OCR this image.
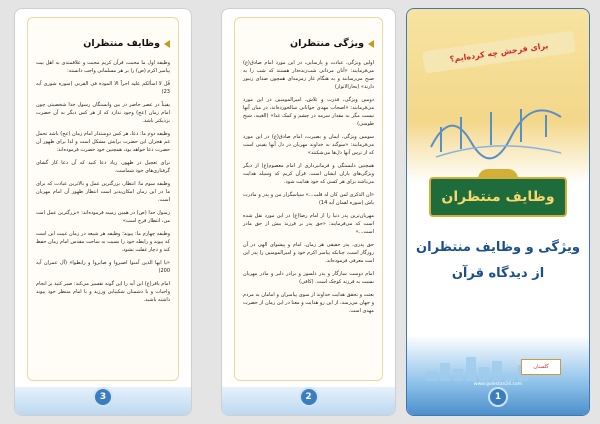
وظایف منتظران

وظیفه اول ما محبت، قرآن کریم محبت و علاقمندی به اهل بیت پیامبر اکرم (ص) را بر هر مسلمانی واجب دانسته:

قُل لا اسألکم علیه اجراً الا المودة فی القربی (سوره شوری آیه 23)

یقیناً در عصر حاضر در بین وابستگان رسول خدا شخصیتی چون امام زمان (عج) وجود ندارد که از هر کس دیگر به آن حضرت نزدیکتر باشد.

وظیفه دوم ما: دعا، هر کس دوستدار امام زمان (عج) باشد تحمل غم هجران این حضرت برایش مشکل است و لذا برای ظهور آن حضرت دعا خواهد بود، همچنین خود حضرت فرموده‌اند:

برای تعجیل در ظهور، زیاد دعا کنید که آن دعا کار گشای گرفتاری‌های خود شماست.

وظیفه سوم ما: انتظار، بزرگترین عمل و بالاترین عبادت که برای ما در این زمان امکان‌پذیر است انتظار ظهور آن امام مهربان است.

رسول خدا (ص) در همین زمینه فرموده‌اند: «بزرگترین عمل امت من، انتظار فرج است»

وظیفه چهارم ما: پیوند؛ وظیفه هر شیعه در زمان غیبت این است که پیوند و رابطه خود را نسبت به ساحت مقدس امام زمان حفظ کند و دچار غفلت نشود.

«یا ایها الذین آمنوا اصبروا و صابروا و رابطوا» (آل عمران آیه 200)

امام باقر(ع) این آیه را این گونه تفسیر می‌کند: صبر کنید بر انجام واجبات و با دشمنان شکیبایی ورزید و با امام منتظر خود پیوند داشته باشید.

3
ویژگی منتظران

اولین ویژگی، عبادت و پارسایی، در این مورد امام صادق(ع) می‌فرمایند: «آنان مردانی شب‌زنده‌دار هستند که شب را به صبح می‌رسانند و به هنگام غاز زمزمه‌ای همچون صدای زنبور دارند» (بحارالانوار)

دومین ویژگی، قدرت و تلاش، امیرالمومنین در این مورد می‌فرمایند: «اصحاب مهدی جوانانی سالخورده‌اند، در میان آنها نیست مگر به مقدار سرمه در چشم و کمک غذا» (الغیبه، شیخ طوسی)

سومین ویژگی، ایمان و بصیرت، امام صادق(ع) در این مورد می‌فرمایند: «سوگند به خداوند مهربان در دل آنها یقینی است که از ترس آنها دل‌ها می‌شکنند»

همچنین دلبستگی و فرمانبرداری از امام معصوم(ع) از دیگر ویژگی‌های یاران ایشان است. قرآن کریم که وسیله هدایت می‌باشد برای هر کسی که خود هدایت شود.

«ان الذکری لمن کان له قلب...» سپاسگزار من و پدر و مادرت باش (سوره لقمان آیه 14)

مهربان‌ترین پدر دنیا را از امام رضا(ع) در این مورد نقل شده است که می‌فرمایند: «حق پدر بر فرزند بیش از حق مادر است...»

حق پدری، پدر حقیقی هر زمان، امام و پیشوای الهی در آن روزگار است، چنانکه پیامبر اکرم خود و امیرالمومنین را پدر این امت معرفی فرموده‌اند.

امام دوست سازگار و پدر دلسوز و برادر دلبر و مادر مهربان نسبت به فرزند کوچک است. (کافی)

بعثت و تحقق هدایت خداوند از سوی پیامبران و امامان به مردم و جهان می‌رسد، از این رو هدایت و معنا در این زمان از حضرت مهدی است.

2
برای فرجش چه کرده‌ایم؟
وظایف منتظران
ویژگی و وظایف منتظران
از دیدگاه قرآن
گلستان
www.golestan24.com
1
